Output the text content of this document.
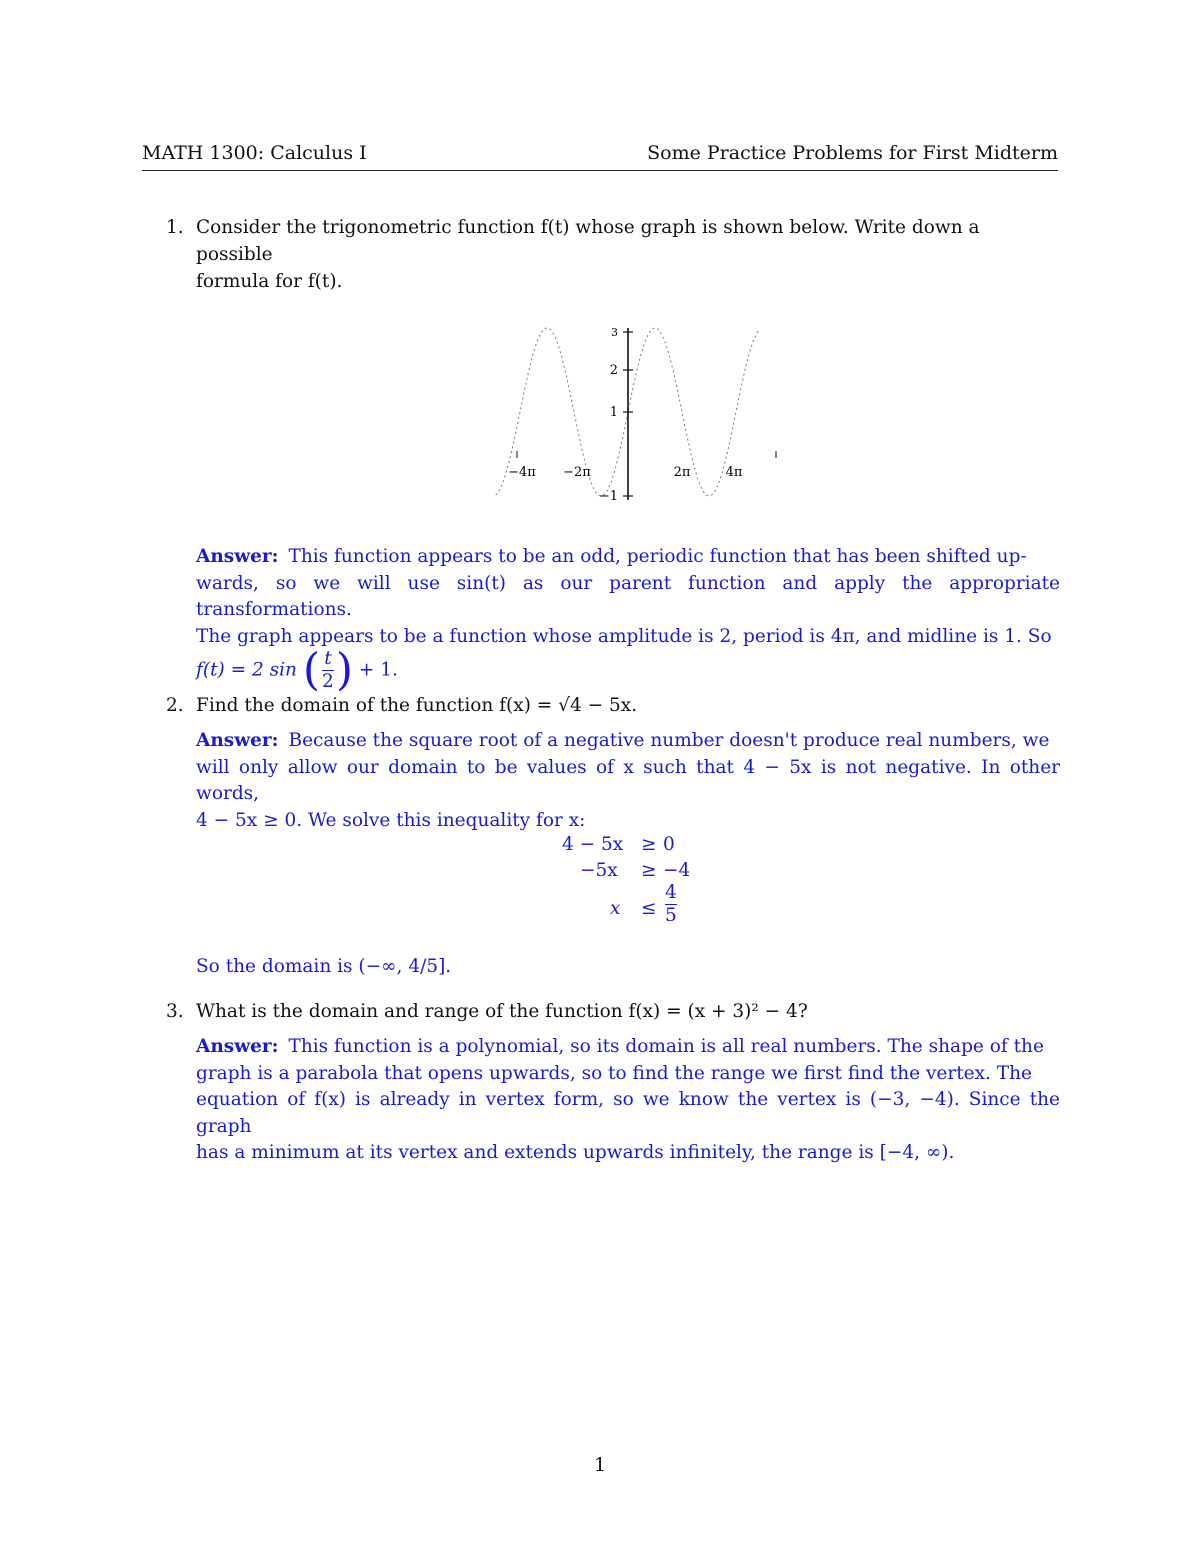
MATH 1300: Calculus I	Some Practice Problems for First Midterm
1. Consider the trigonometric function f(t) whose graph is shown below. Write down a possible
formula for f(t).
3
2
1
−1
−4π −2π	2π	4π
Answer: This function appears to be an odd, periodic function that has been shifted up-
wards, so we will use sin(t) as our parent function and apply the appropriate transformations.
The graph appears to be a function whose amplitude is 2, period is 4π, and midline is 1. So
f(t) = 2 sin ( $\frac{t}{2}$ ) + 1.
2. Find the domain of the function f(x) = √4 − 5x.
Answer: Because the square root of a negative number doesn't produce real numbers, we
will only allow our domain to be values of x such that 4 − 5x is not negative. In other words,
4 − 5x ≥ 0. We solve this inequality for x:
4 − 5x ≥ 0
−5x ≥ −4
$x \le \frac{4}{5}$
So the domain is (−∞, 4/5].
3. What is the domain and range of the function f(x) = (x + 3)² − 4?
Answer: This function is a polynomial, so its domain is all real numbers. The shape of the
graph is a parabola that opens upwards, so to find the range we first find the vertex. The
equation of f(x) is already in vertex form, so we know the vertex is (−3, −4). Since the graph
has a minimum at its vertex and extends upwards infinitely, the range is [−4, ∞).
1
